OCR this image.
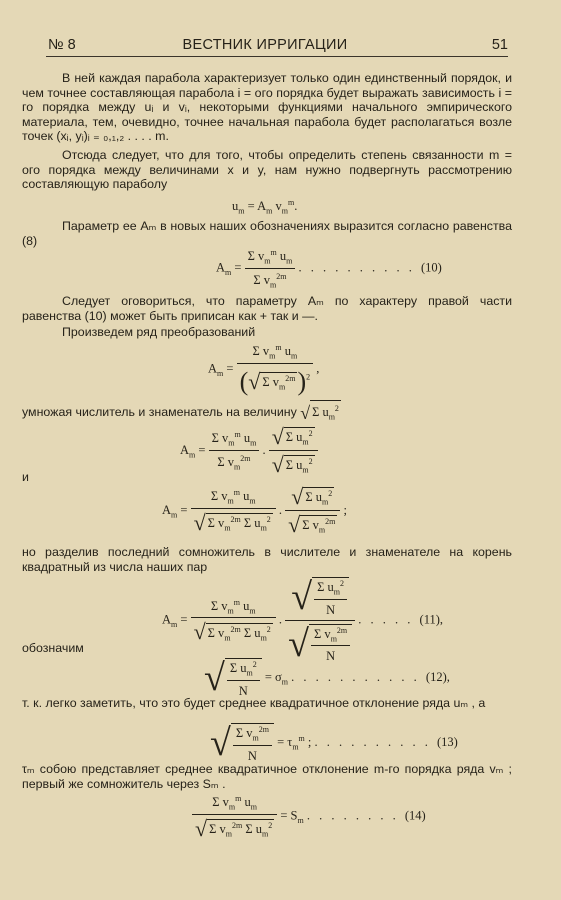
№ 8	ВЕСТНИК ИРРИГАЦИИ	51
В ней каждая парабола характеризует только один единственный порядок, и чем точнее составляющая парабола i = ого порядка будет выражать зависимость i = го порядка между uᵢ и vᵢ, некоторыми функциями начального эмпирического материала, тем, очевидно, точнее начальная парабола будет располагаться возле точек (xᵢ, yᵢ)ᵢ ₌ ₀,₁,₂ . . . . m.
Отсюда следует, что для того, чтобы определить степень связанности m = ого порядка между величинами x и y, нам нужно подвергнуть рассмотрению составляющую параболу
$u_m = A_m$ $v_m^m$.
Параметр ее Aₘ в новых наших обозначениях выразится согласно равенства (8)
$A_m$ =
Σ $v_m^m$ $u_m$
Σ $v_m^{2m}$
. . . . . . . . . . (10)
Следует оговориться, что параметру Aₘ по характеру правой части равенства (10) может быть приписан как + так и —.
Произведем ряд преобразований
$A_m$ =
Σ $v_m^m$ $u_m$
(√ Σ $v_m^{2m})^2$
,
умножая числитель и знаменатель на величину √ Σ $u_m^2$
$A_m$ =
Σ $v_m^m$ $u_m$
Σ $v_m^{2m}$
. $\frac{√ \Sigma u_m^2}{√ \Sigma u_m^2}$
и
$A_m$ =
Σ $v_m^m$ $u_m$
√ Σ $v_m^{2m}$ Σ $u_m^2$
. $\frac{√ \Sigma u_m^2}{√ \Sigma v_m^{2m}}$ ;
но разделив последний сомножитель в числителе и знаменателе на корень квадратный из числа наших пар
$A_m$ =
Σ $v_m^m$ $u_m$
√ Σ $v_m^{2m}$ Σ $u_m^2$
. $\frac{√ \frac{\Sigma u_m^2}{N}}{√ \frac{\Sigma v_m^{2m}}{N}}$ . . . . . (11),
обозначим
√ $\frac{\Sigma u_m^2}{N} = \sigma_m$ . . . . . . . . . . . (12),
т. к. легко заметить, что это будет среднее квадратичное отклонение ряда uₘ , а
√ $\frac{\Sigma v_m^{2m}}{N} = \tau_m^m$ ; . . . . . . . . . . (13)
τₘ собою представляет среднее квадратичное отклонение m-го порядка ряда vₘ ; первый же сомножитель через Sₘ .
Σ $v_m^m$ $u_m$
√ Σ $v_m^{2m}$ Σ $u_m^2$
= $S_m$ . . . . . . . . (14)
